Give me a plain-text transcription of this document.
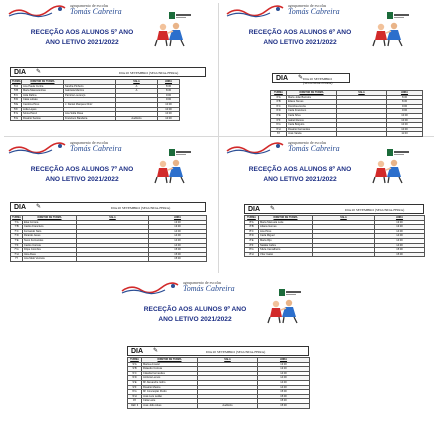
agrupamento de escolas
Tomás Cabreira
RECEÇÃO AOS ALUNOS 5º ANO
ANO LETIVO 2021/2022
DIA ✎	DIA 20 SETEMBRO (SEGUNDA-FEIRA)
TURMA	DIRETOR DE TURMA		SALA	HORA
5ºA	Ana Paula Cunha	Sandra Pinheiro	A	8:30
5ºB	Maria Mascarenhas	Gabriela Martins	A	8:30
5ºC	Aida Rafina	Patrícia Lourenço		9:00
5ºD	Cátia Lobato			9:00
5ºE	Carolina Pires	J. Daniel Marques Diniz		10:00
5ºF	Lídia Lopes			10:00
5ºG	Sónia Pérez	Ana Sofia Rosa		10:30
5ºH	Rosário Santos	Francisco Bandeira	Auditório	10:30
agrupamento de escolas
Tomás Cabreira
RECEÇÃO AOS ALUNOS 6º ANO
ANO LETIVO 2021/2022
DIA ✎ DIA 20 SETEMBRO (SEGUNDA-FEIRA)
TURMA	DIRETOR DE TURMA	SALA	HORA
6ºA	Maria João Barreira		8:30
6ºB	Eliane Nunes		8:30
6ºC	Dorothea Horta		9:00
6ºD	Carla Francisco		9:00
6ºE	Carla Silva		10:00
6ºF	Isabel Ramos		10:00
6ºG	Carla Bolguito		10:30
6ºH	Rosário Fernandes		10:30
6ºI	José Varela		11:00
agrupamento de escolas
Tomás Cabreira
RECEÇÃO AOS ALUNOS 7º ANO
ANO LETIVO 2021/2022
DIA ✎	DIA 20 SETEMBRO (SEGUNDA-FEIRA)
TURMA	DIRETOR DE TURMA	SALA	HORA
7ºA	Elsa Correia		13:30
7ºB	Carlos Francisco		13:30
7ºC	Fernando Neto		14:00
7ºD	Ricardo Jesus		14:00
7ºE	Nuno Fernandes		14:30
7ºF	Carlos Correia		14:30
7ºG	Filipe Coimbra		15:00
7ºH	Inês Alves		15:00
7ºI	Ana Melo Ventura		15:30
agrupamento de escolas
Tomás Cabreira
RECEÇÃO AOS ALUNOS 8º ANO
ANO LETIVO 2021/2022
DIA ✎	DIA 20 SETEMBRO (SEGUNDA-FEIRA)
TURMA	DIRETOR DE TURMA	SALA	HORA
8ºA	Maria Manuela Leite		13:30
8ºB	Liliana Gomes		13:30
8ºC	Ana Pires		14:00
8ºD	Carla Miguel		14:00
8ºE	Maria Rijo		14:30
8ºF	Natália Cabra		14:30
8ºG	Sílvia Carvalheiro		15:00
8ºH	Vítor Inácio		15:00
agrupamento de escolas
Tomás Cabreira
RECEÇÃO AOS ALUNOS 9º ANO
ANO LETIVO 2021/2022
DIA ✎	DIA 20 SETEMBRO (SEGUNDA-FEIRA)
TURMA	DIRETOR DE TURMA	SALA	HORA
9ºA	Marisa Amaral		13:30
9ºB	Rolando Correia		13:30
9ºC	Cláudia Fernandes		14:00
9ºD	Antónia Lemos		14:00
9ºE	Mª Alexandre Isidro		14:30
9ºF	Rosário Mestre		14:30
9ºG	Mª Conceição Pedro		15:00
9ºH	José Luís Leitão		15:00
9ºI	Célia Leite		15:30
CEF 3	José Júlio Alves	Auditório	15:30
